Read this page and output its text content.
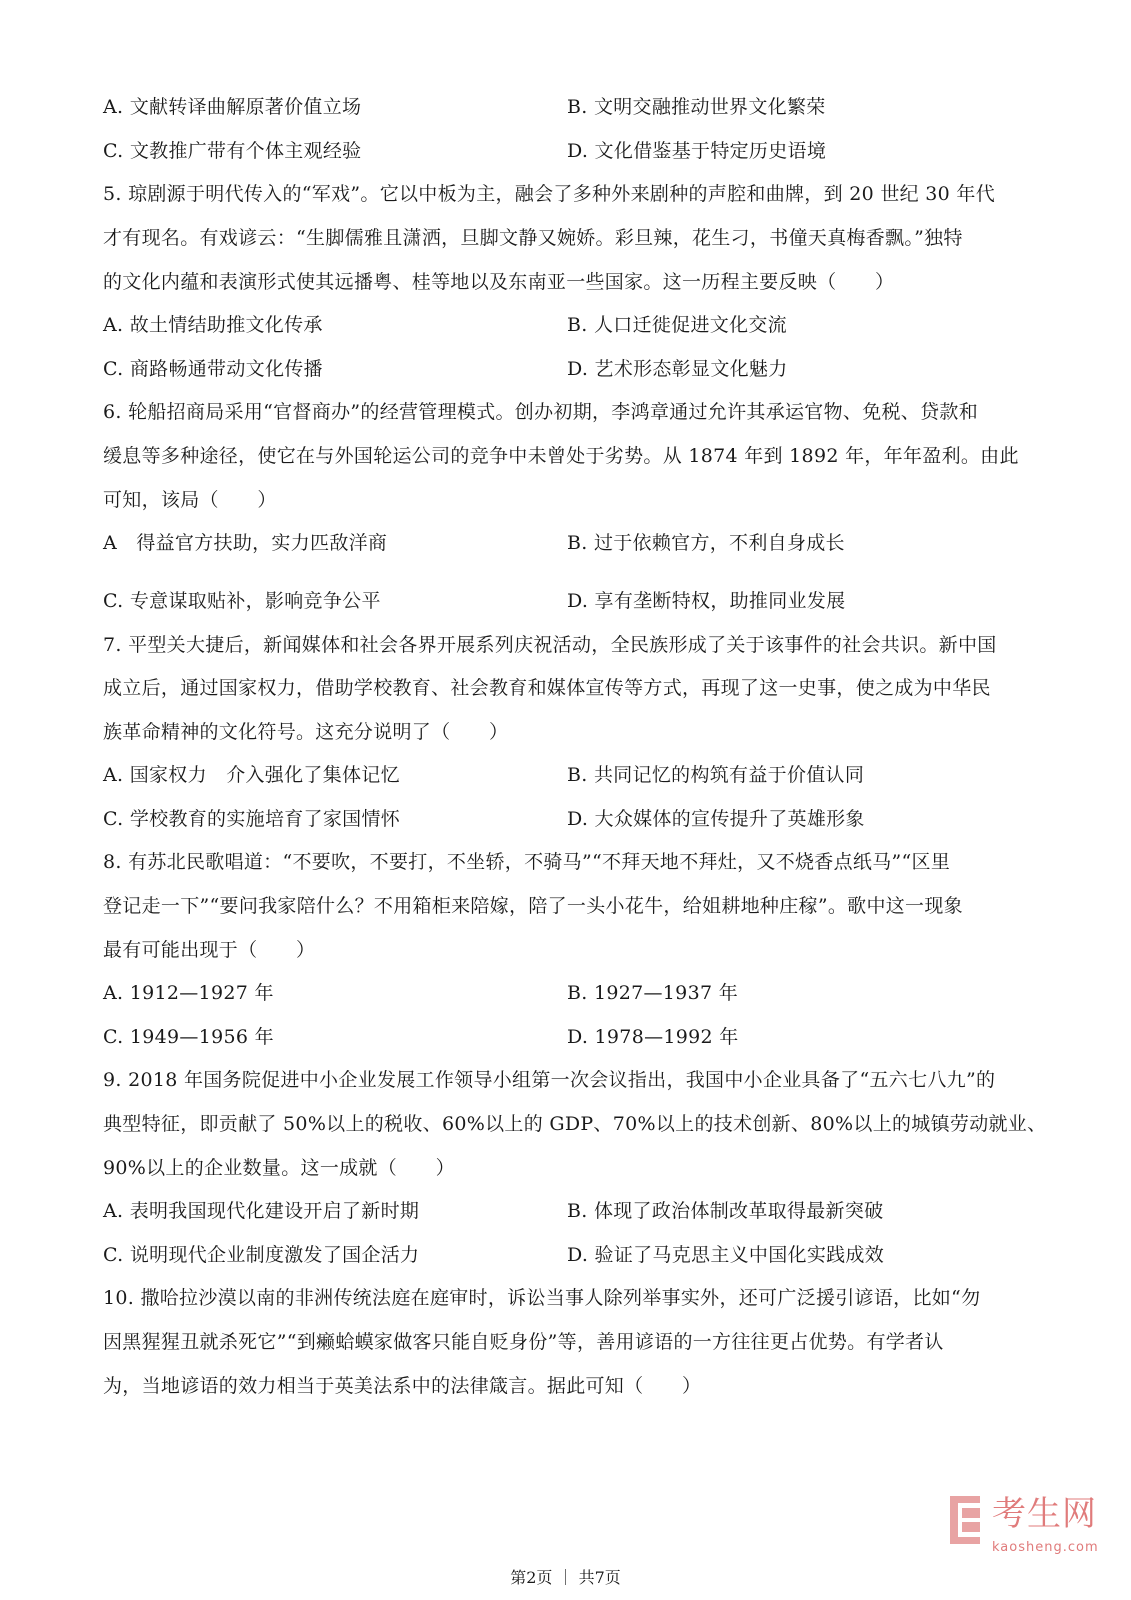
A. 文献转译曲解原著价值立场	B. 文明交融推动世界文化繁荣
C. 文教推广带有个体主观经验	D. 文化借鉴基于特定历史语境
5. 琼剧源于明代传入的“军戏”。它以中板为主，融会了多种外来剧种的声腔和曲牌，到 20 世纪 30 年代
才有现名。有戏谚云：“生脚儒雅且潇洒，旦脚文静又婉娇。彩旦辣，花生刁，书僮天真梅香飘。”独特
的文化内蕴和表演形式使其远播粤、桂等地以及东南亚一些国家。这一历程主要反映（　　）
A. 故土情结助推文化传承	B. 人口迁徙促进文化交流
C. 商路畅通带动文化传播	D. 艺术形态彰显文化魅力
6. 轮船招商局采用“官督商办”的经营管理模式。创办初期，李鸿章通过允许其承运官物、免税、贷款和
缓息等多种途径，使它在与外国轮运公司的竞争中未曾处于劣势。从 1874 年到 1892 年，年年盈利。由此
可知，该局（　　）
A　得益官方扶助，实力匹敌洋商	B. 过于依赖官方，不利自身成长
C. 专意谋取贴补，影响竞争公平	D. 享有垄断特权，助推同业发展
7. 平型关大捷后，新闻媒体和社会各界开展系列庆祝活动，全民族形成了关于该事件的社会共识。新中国
成立后，通过国家权力，借助学校教育、社会教育和媒体宣传等方式，再现了这一史事，使之成为中华民
族革命精神的文化符号。这充分说明了（　　）
A. 国家权力　介入强化了集体记忆	B. 共同记忆的构筑有益于价值认同
C. 学校教育的实施培育了家国情怀	D. 大众媒体的宣传提升了英雄形象
8. 有苏北民歌唱道：“不要吹，不要打，不坐轿，不骑马”“不拜天地不拜灶，又不烧香点纸马”“区里
登记走一下”“要问我家陪什么？不用箱柜来陪嫁，陪了一头小花牛，给姐耕地种庄稼”。歌中这一现象
最有可能出现于（　　）
A. 1912—1927 年	B. 1927—1937 年
C. 1949—1956 年	D. 1978—1992 年
9. 2018 年国务院促进中小企业发展工作领导小组第一次会议指出，我国中小企业具备了“五六七八九”的
典型特征，即贡献了 50%以上的税收、60%以上的 GDP、70%以上的技术创新、80%以上的城镇劳动就业、
90%以上的企业数量。这一成就（　　）
A. 表明我国现代化建设开启了新时期	B. 体现了政治体制改革取得最新突破
C. 说明现代企业制度激发了国企活力	D. 验证了马克思主义中国化实践成效
10. 撒哈拉沙漠以南的非洲传统法庭在庭审时，诉讼当事人除列举事实外，还可广泛援引谚语，比如“勿
因黑猩猩丑就杀死它”“到癞蛤蟆家做客只能自贬身份”等，善用谚语的一方往往更占优势。有学者认
为，当地谚语的效力相当于英美法系中的法律箴言。据此可知（　　）
考生网
kaosheng.com
第2页 ｜ 共7页
